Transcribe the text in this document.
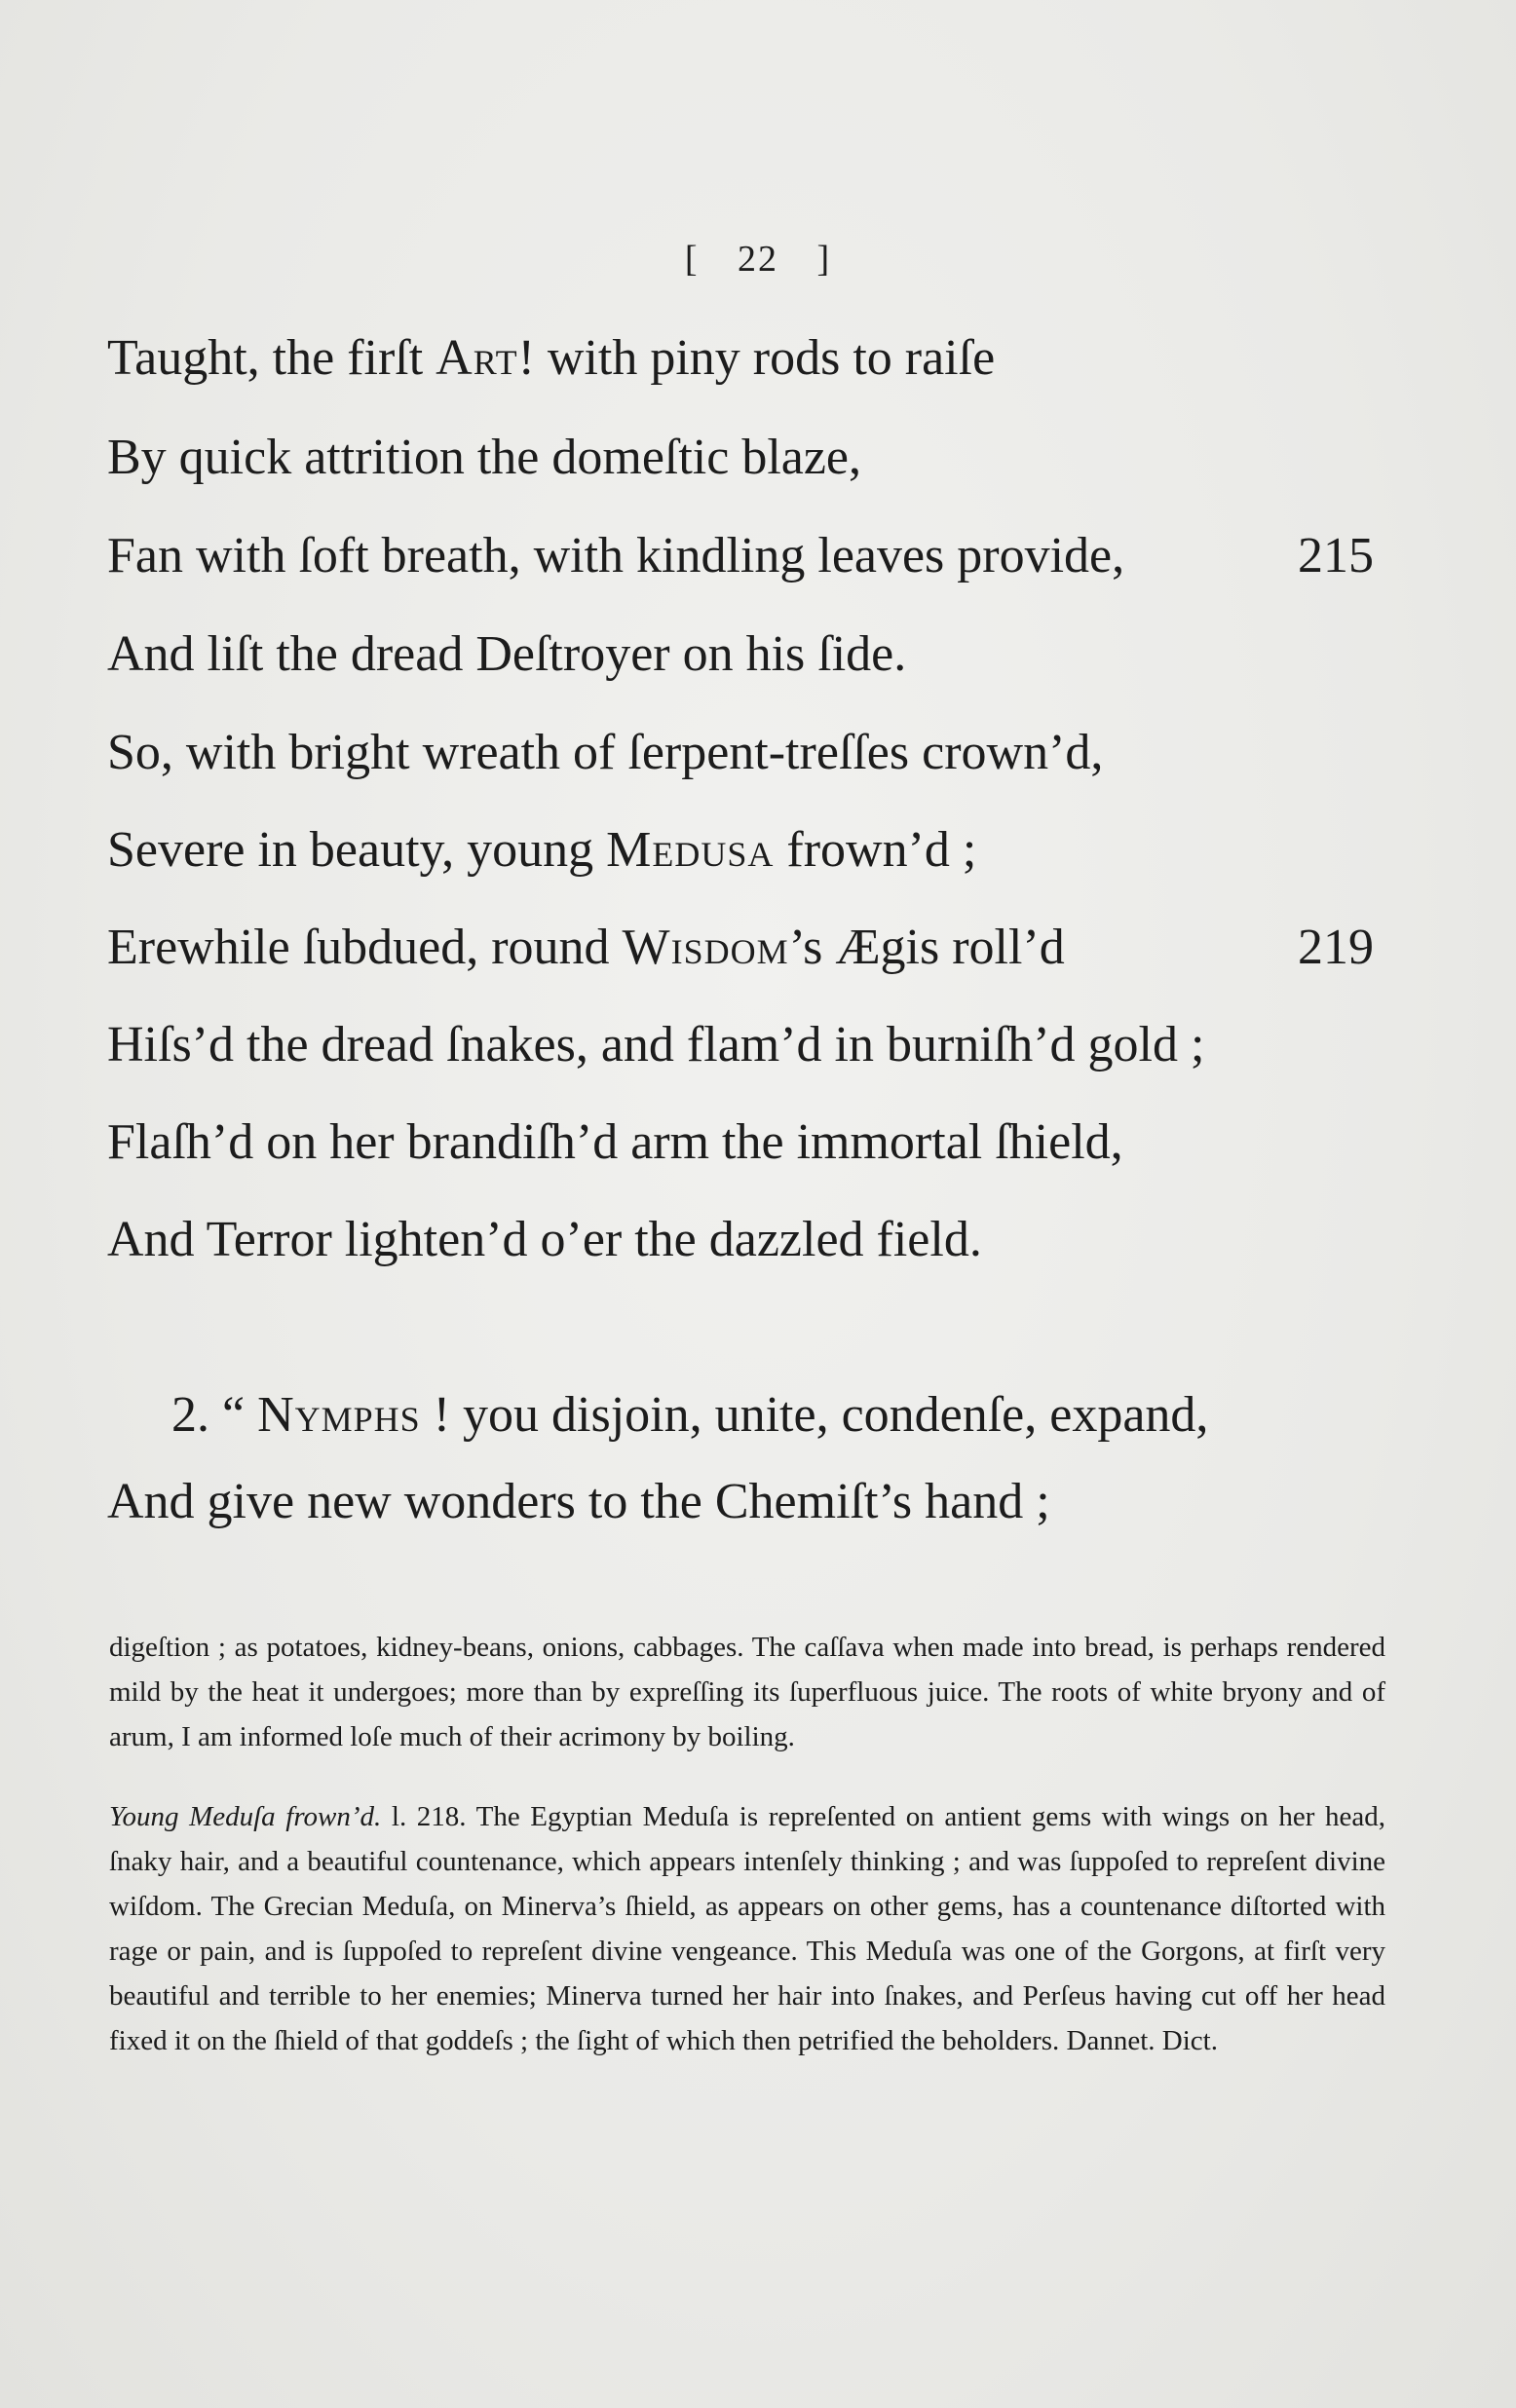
[ 22 ]
Taught, the firſt Art! with piny rods to raiſe
By quick attrition the domeſtic blaze,
Fan with ſoft breath, with kindling leaves provide,	215
And liſt the dread Deſtroyer on his ſide.
So, with bright wreath of ſerpent-treſſes crown’d,
Severe in beauty, young Medusa frown’d ;
Erewhile ſubdued, round Wisdom’s Ægis roll’d	219
Hiſs’d the dread ſnakes, and flam’d in burniſh’d gold ;
Flaſh’d on her brandiſh’d arm the immortal ſhield,
And Terror lighten’d o’er the dazzled field.
2. “ Nymphs ! you disjoin, unite, condenſe, expand,
And give new wonders to the Chemiſt’s hand ;

digeſtion ; as potatoes, kidney-beans, onions, cabbages. The caſſava when made into bread, is perhaps rendered mild by the heat it undergoes; more than by expreſſing its ſuperfluous juice. The roots of white bryony and of arum, I am informed loſe much of their acrimony by boiling.

Young Meduſa frown’d. l. 218. The Egyptian Meduſa is repreſented on antient gems with wings on her head, ſnaky hair, and a beautiful countenance, which appears intenſely thinking ; and was ſuppoſed to repreſent divine wiſdom. The Grecian Meduſa, on Minerva’s ſhield, as appears on other gems, has a countenance diſtorted with rage or pain, and is ſuppoſed to repreſent divine vengeance. This Meduſa was one of the Gorgons, at firſt very beautiful and terrible to her enemies; Minerva turned her hair into ſnakes, and Perſeus having cut off her head fixed it on the ſhield of that goddeſs ; the ſight of which then petrified the beholders. Dannet. Dict.
